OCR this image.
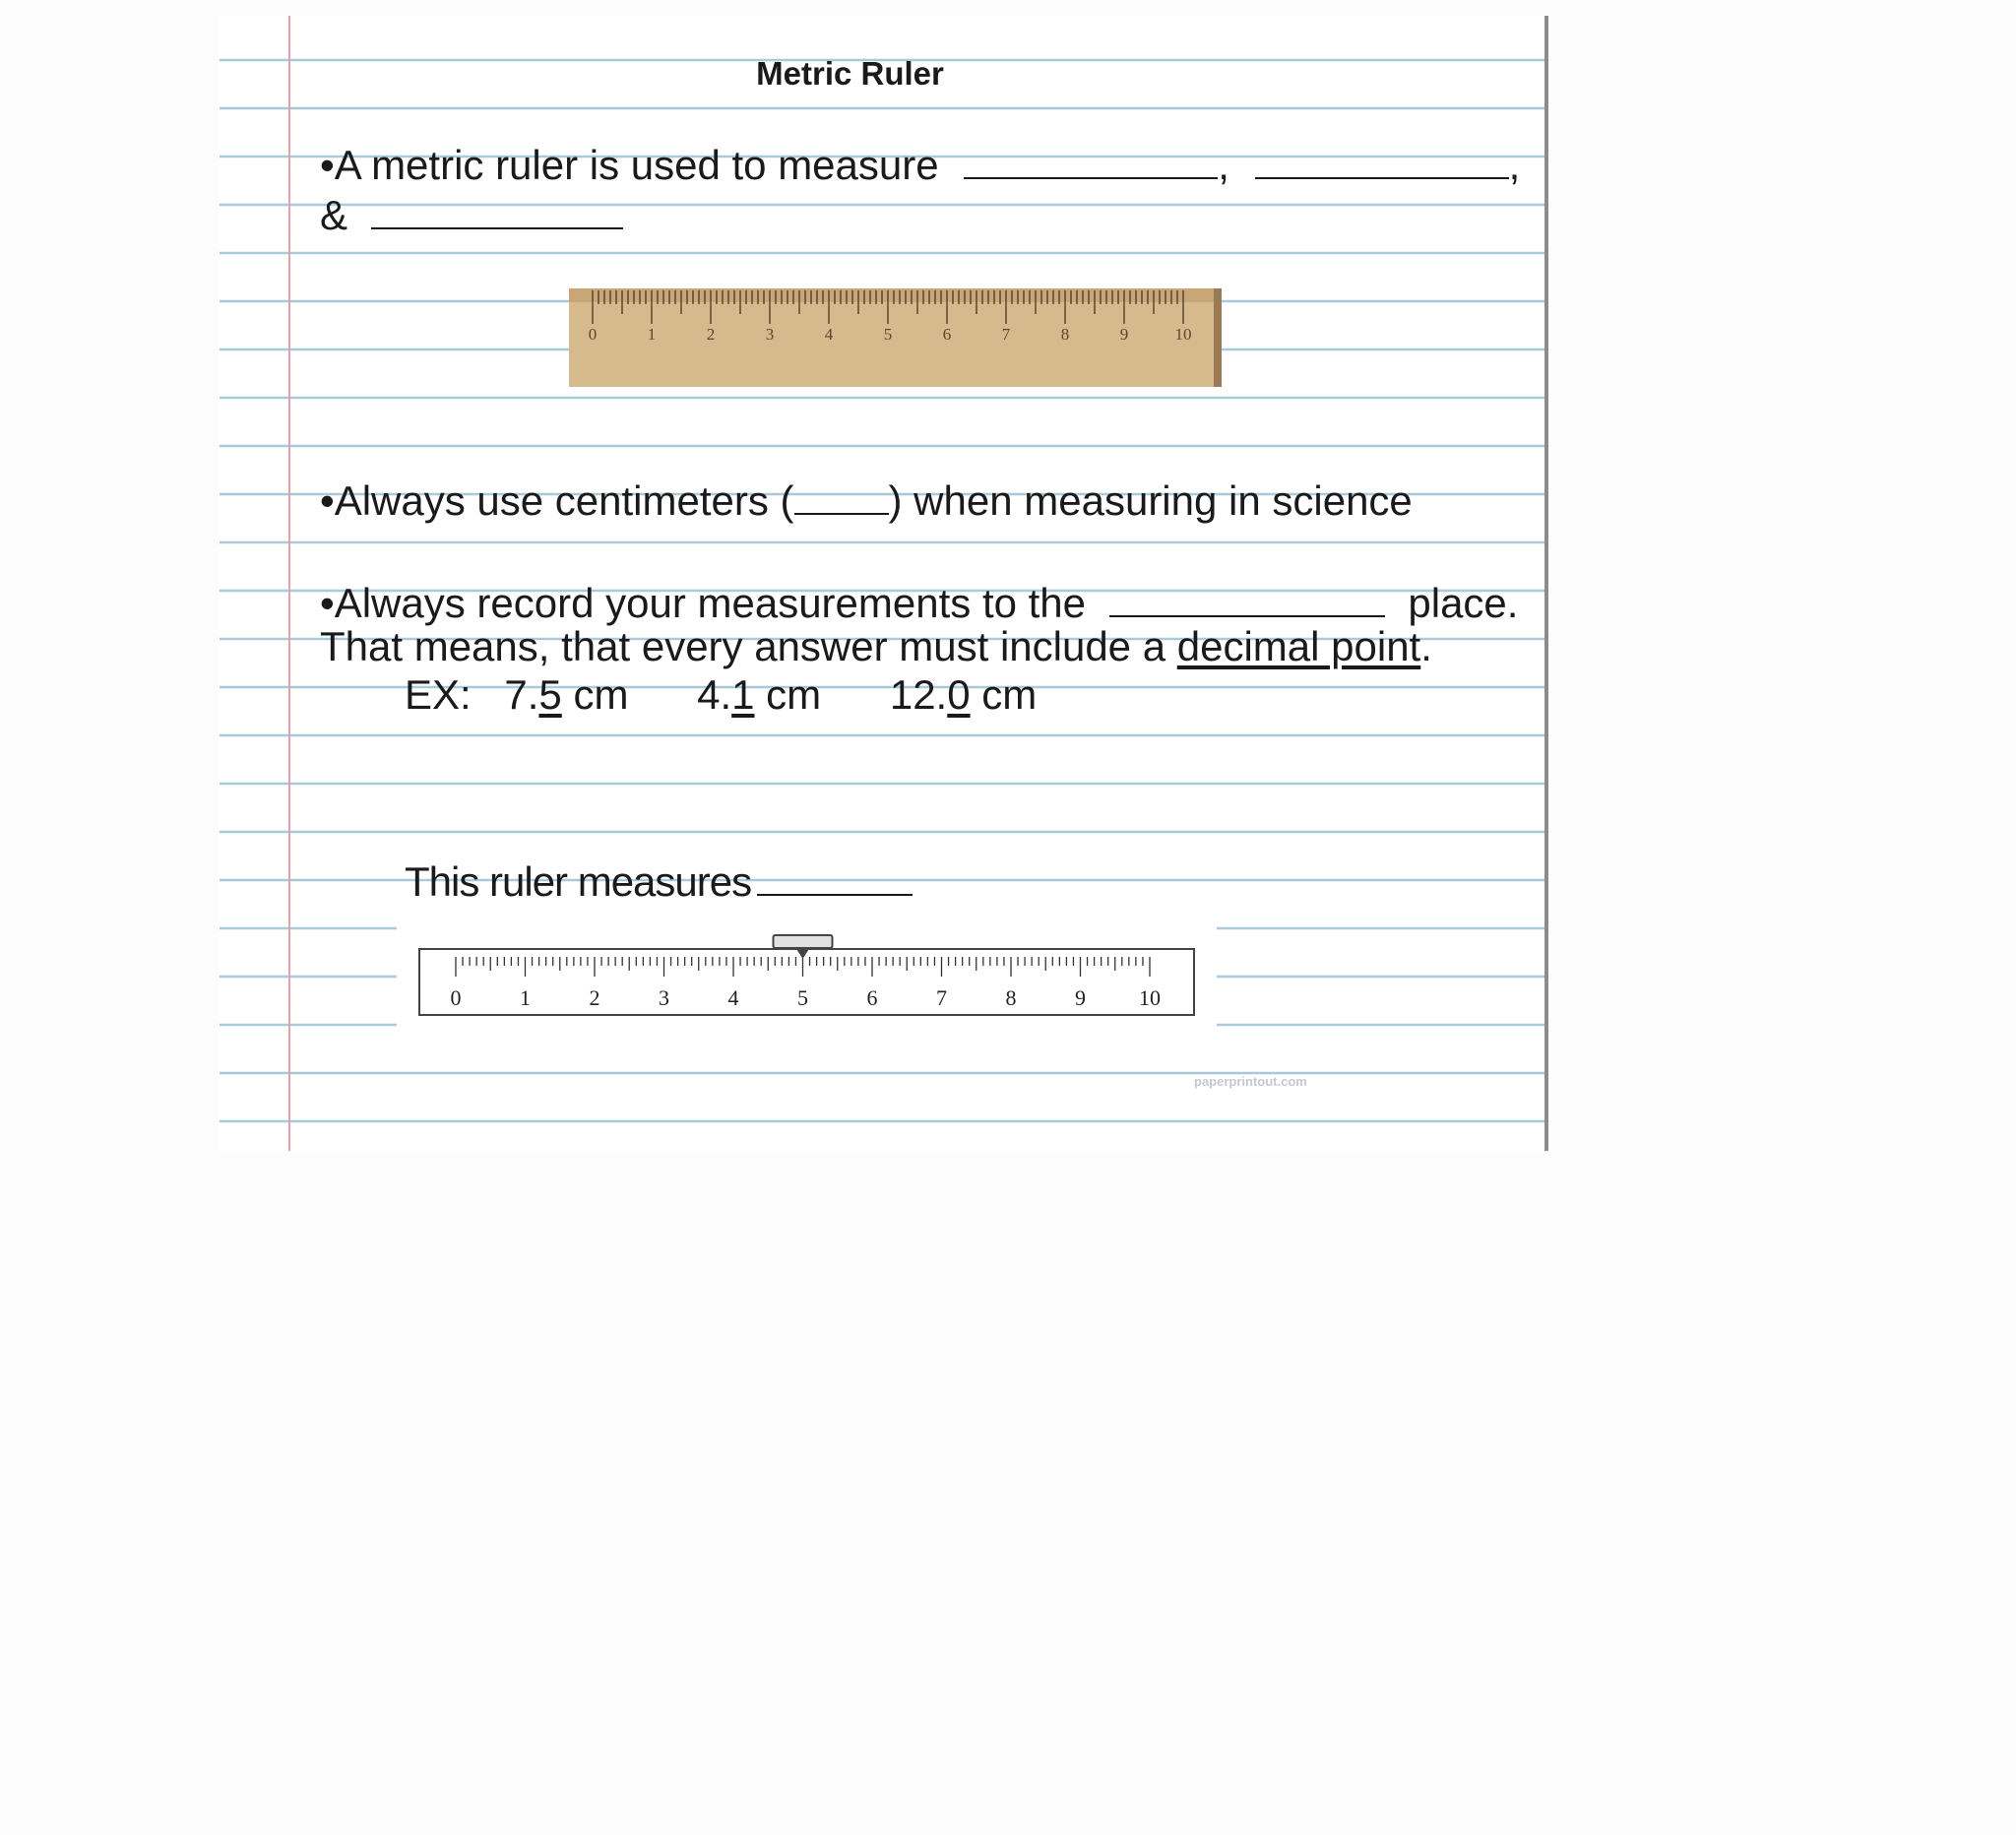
Metric Ruler
•A metric ruler is used to measure	,	,
&
0	1	2	3	4	5	6	7	8	9	10
•Always use centimeters ( ) when measuring in science
•Always record your measurements to the	place.
That means, that every answer must include a decimal point.
EX: 7.5 cm 4.1 cm 12.0 cm
This ruler measures
0	1	2	3	4	5	6	7	8	9 10
paperprintout.com
